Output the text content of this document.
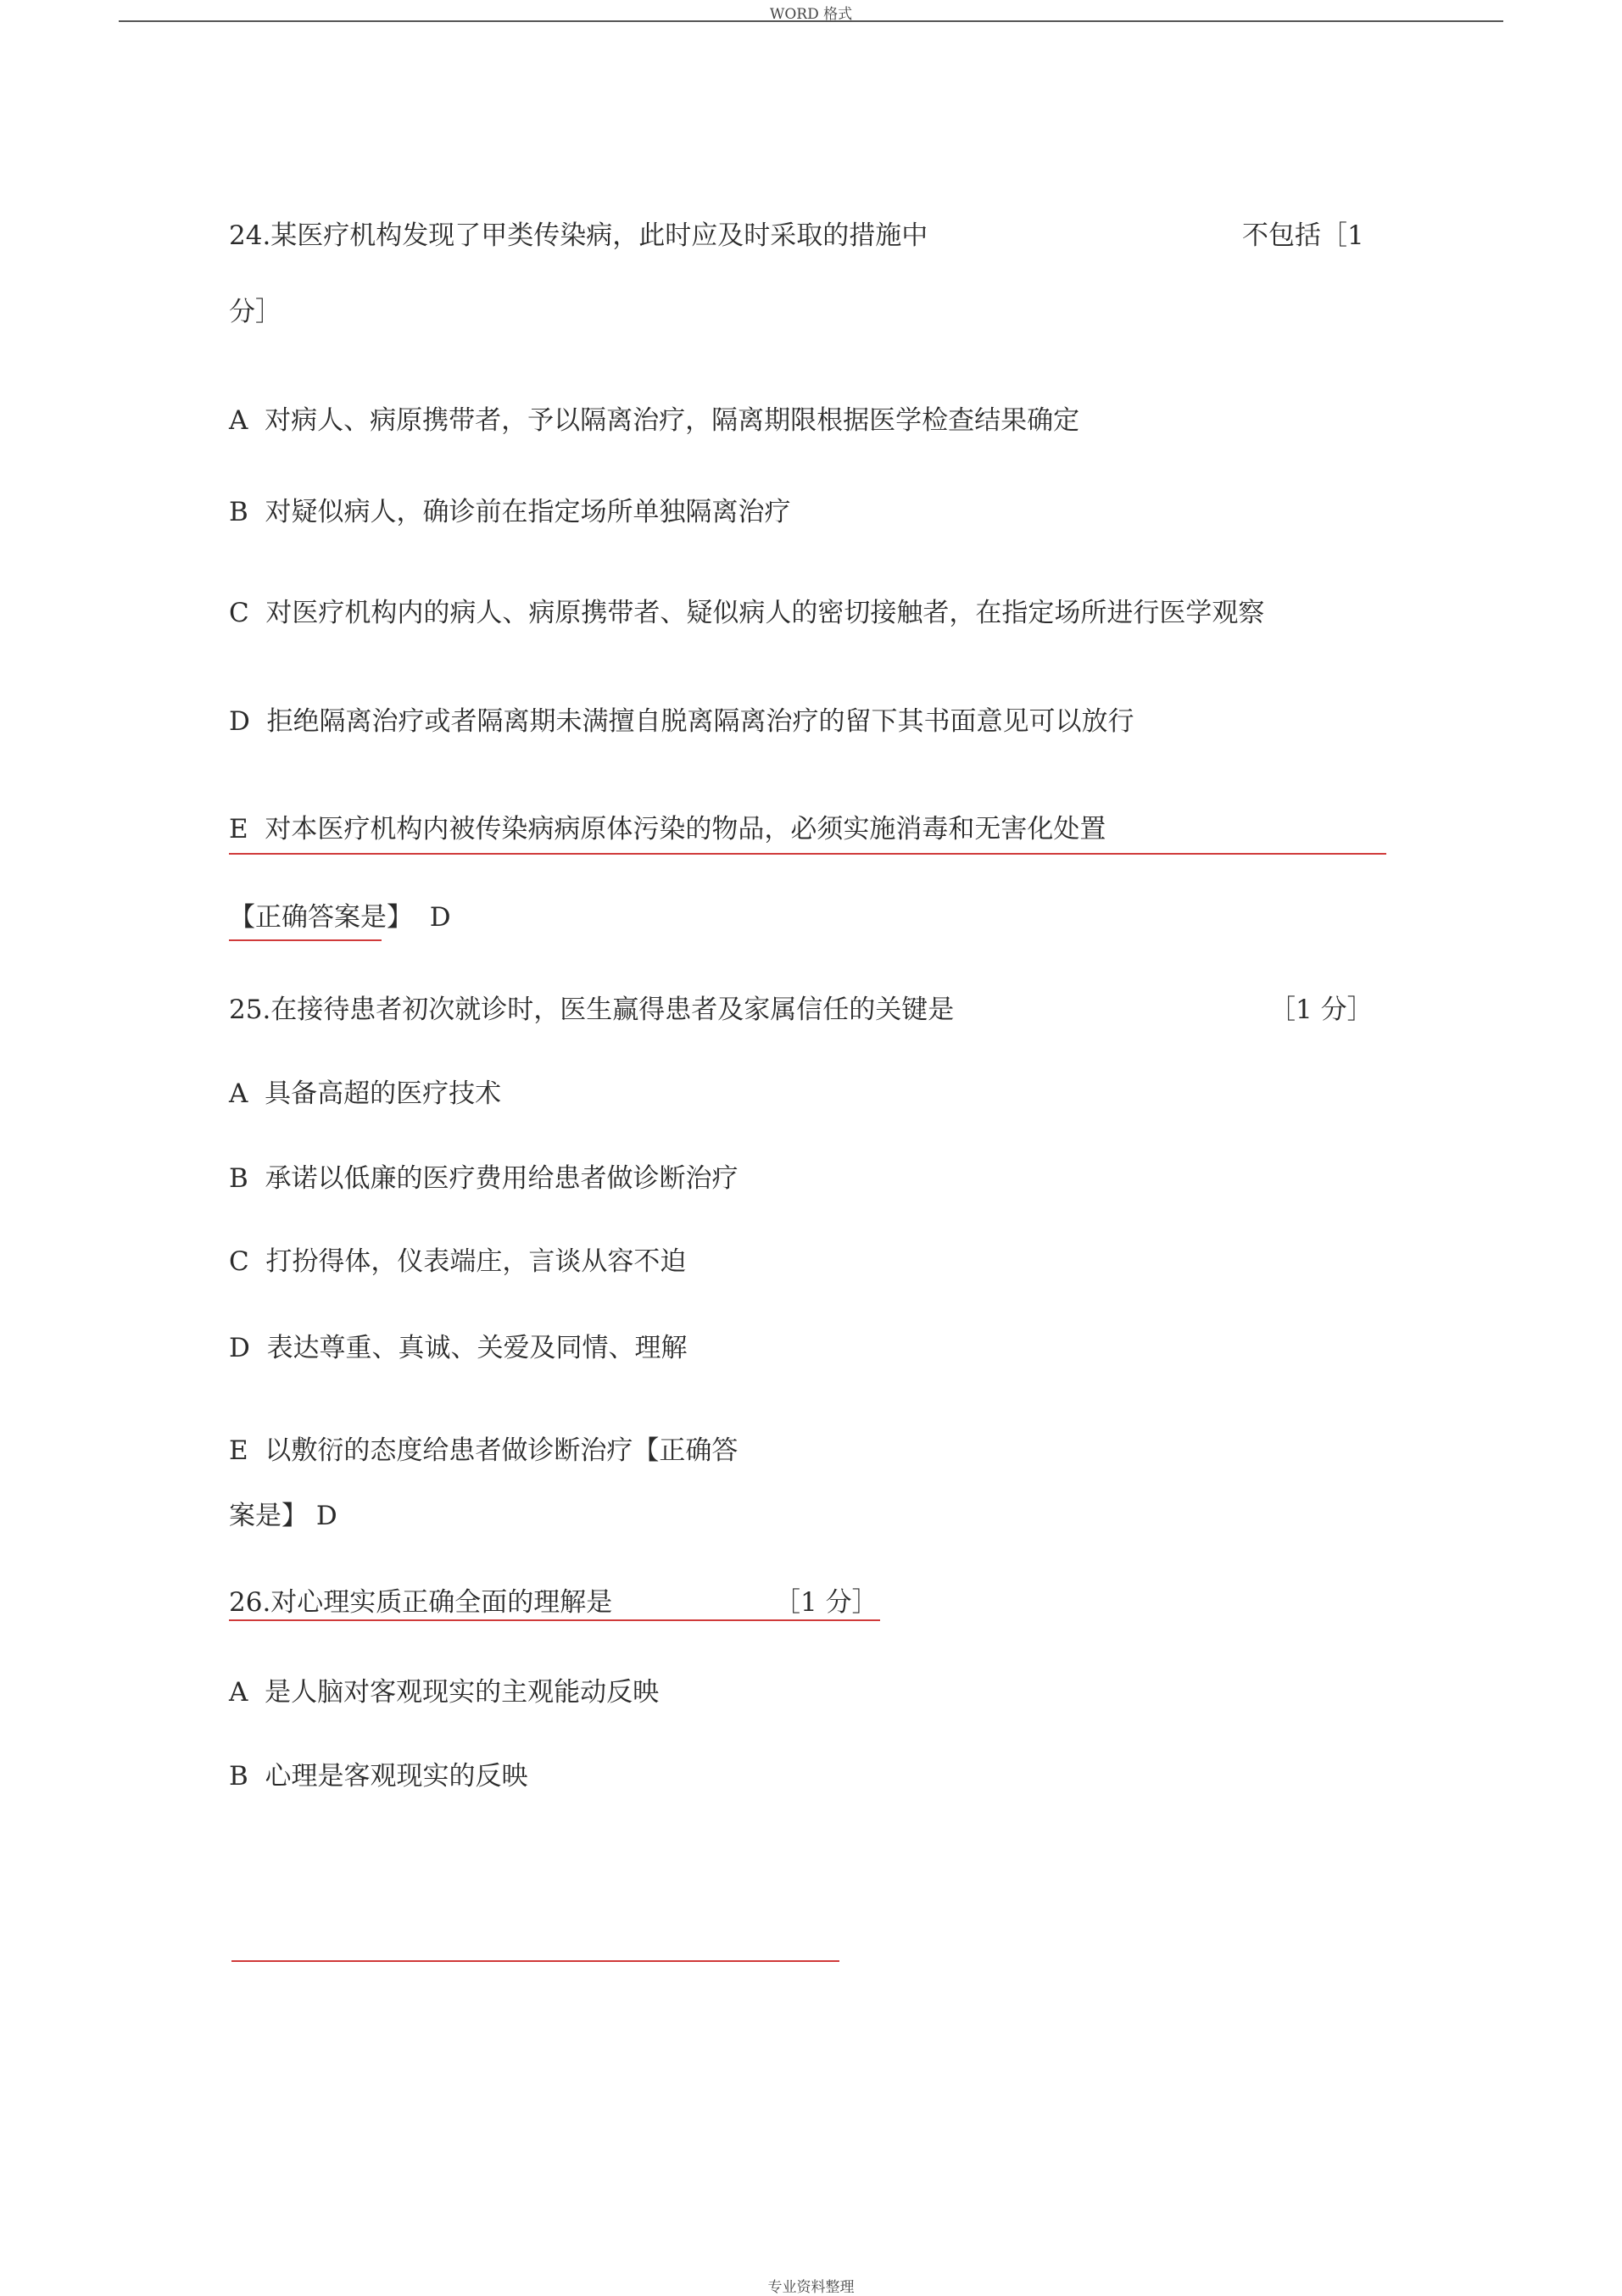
WORD 格式
24.某医疗机构发现了甲类传染病，此时应及时采取的措施中	不包括［1
分］
A  对病人、病原携带者，予以隔离治疗，隔离期限根据医学检查结果确定
B  对疑似病人，确诊前在指定场所单独隔离治疗
C  对医疗机构内的病人、病原携带者、疑似病人的密切接触者，在指定场所进行医学观察
D  拒绝隔离治疗或者隔离期未满擅自脱离隔离治疗的留下其书面意见可以放行
E  对本医疗机构内被传染病病原体污染的物品，必须实施消毒和无害化处置
【正确答案是】  D
25.在接待患者初次就诊时，医生赢得患者及家属信任的关键是	［1 分］
A  具备高超的医疗技术
B  承诺以低廉的医疗费用给患者做诊断治疗
C  打扮得体，仪表端庄，言谈从容不迫
D  表达尊重、真诚、关爱及同情、理解
E  以敷衍的态度给患者做诊断治疗【正确答
案是】 D
26.对心理实质正确全面的理解是	［1 分］
A  是人脑对客观现实的主观能动反映
B  心理是客观现实的反映
专业资料整理
